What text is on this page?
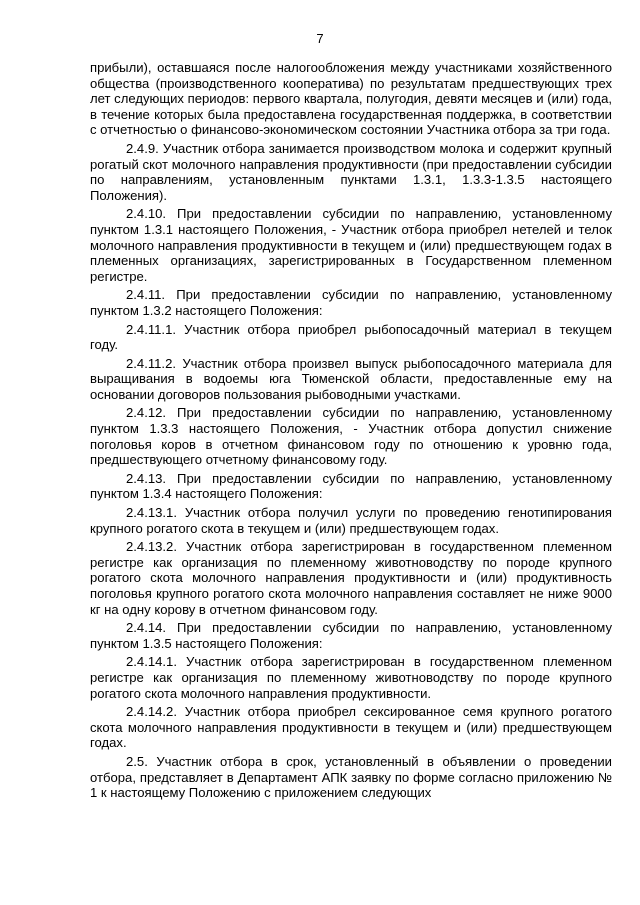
7

прибыли), оставшаяся после налогообложения между участниками хозяйственного общества (производственного кооператива) по результатам предшествующих трех лет следующих периодов: первого квартала, полугодия, девяти месяцев и (или) года, в течение которых была предоставлена государственная поддержка, в соответствии с отчетностью о финансово-экономическом состоянии Участника отбора за три года.

2.4.9. Участник отбора занимается производством молока и содержит крупный рогатый скот молочного направления продуктивности (при предоставлении субсидии по направлениям, установленным пунктами 1.3.1, 1.3.3-1.3.5 настоящего Положения).

2.4.10. При предоставлении субсидии по направлению, установленному пунктом 1.3.1 настоящего Положения, - Участник отбора приобрел нетелей и телок молочного направления продуктивности в текущем и (или) предшествующем годах в племенных организациях, зарегистрированных в Государственном племенном регистре.

2.4.11. При предоставлении субсидии по направлению, установленному пунктом 1.3.2 настоящего Положения:

2.4.11.1. Участник отбора приобрел рыбопосадочный материал в текущем году.

2.4.11.2. Участник отбора произвел выпуск рыбопосадочного материала для выращивания в водоемы юга Тюменской области, предоставленные ему на основании договоров пользования рыбоводными участками.

2.4.12. При предоставлении субсидии по направлению, установленному пунктом 1.3.3 настоящего Положения, - Участник отбора допустил снижение поголовья коров в отчетном финансовом году по отношению к уровню года, предшествующего отчетному финансовому году.

2.4.13. При предоставлении субсидии по направлению, установленному пунктом 1.3.4 настоящего Положения:

2.4.13.1. Участник отбора получил услуги по проведению генотипирования крупного рогатого скота в текущем и (или) предшествующем годах.

2.4.13.2. Участник отбора зарегистрирован в государственном племенном регистре как организация по племенному животноводству по породе крупного рогатого скота молочного направления продуктивности и (или) продуктивность поголовья крупного рогатого скота молочного направления составляет не ниже 9000 кг на одну корову в отчетном финансовом году.

2.4.14. При предоставлении субсидии по направлению, установленному пунктом 1.3.5 настоящего Положения:

2.4.14.1. Участник отбора зарегистрирован в государственном племенном регистре как организация по племенному животноводству по породе крупного рогатого скота молочного направления продуктивности.

2.4.14.2. Участник отбора приобрел сексированное семя крупного рогатого скота молочного направления продуктивности в текущем и (или) предшествующем годах.

2.5. Участник отбора в срок, установленный в объявлении о проведении отбора, представляет в Департамент АПК заявку по форме согласно приложению № 1 к настоящему Положению с приложением следующих
